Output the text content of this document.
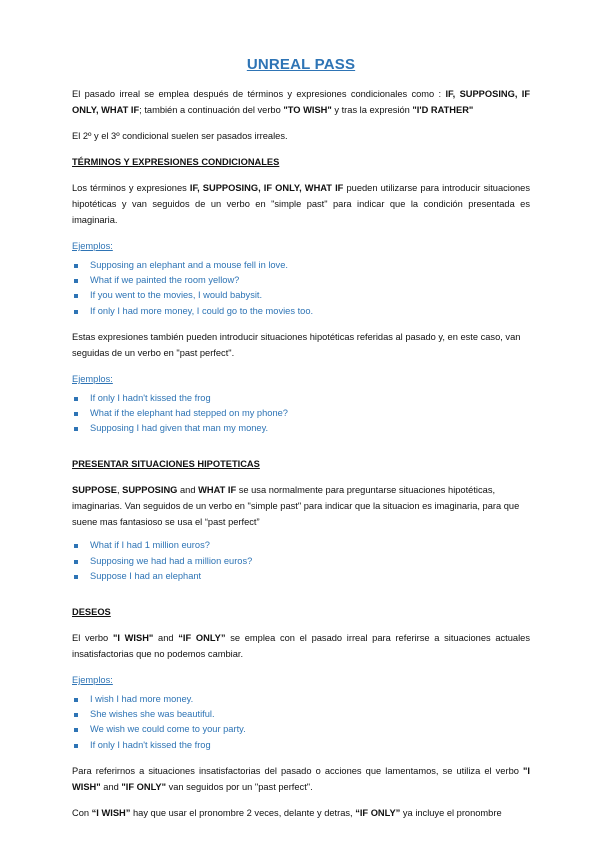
UNREAL PASS

El pasado irreal se emplea después de términos y expresiones condicionales como : IF, SUPPOSING, IF ONLY, WHAT IF; también a continuación del verbo "TO WISH" y tras la expresión "I'D RATHER"

El 2º y el 3º condicional suelen ser pasados irreales.

TÉRMINOS Y EXPRESIONES CONDICIONALES

Los términos y expresiones IF, SUPPOSING, IF ONLY, WHAT IF pueden utilizarse para introducir situaciones hipotéticas y van seguidos de un verbo en "simple past" para indicar que la condición presentada es imaginaria.

Ejemplos:
Supposing an elephant and a mouse fell in love.
What if we painted the room yellow?
If you went to the movies, I would babysit.
If only I had more money, I could go to the movies too.

Estas expresiones también pueden introducir situaciones hipotéticas referidas al pasado y, en este caso, van seguidas de un verbo en "past perfect".

Ejemplos:
If only I hadn't kissed the frog
What if the elephant had stepped on my phone?
Supposing I had given that man my money.
PRESENTAR SITUACIONES HIPOTETICAS

SUPPOSE, SUPPOSING and WHAT IF se usa normalmente para preguntarse situaciones hipotéticas, imaginarias. Van seguidos de un verbo en "simple past" para indicar que la situacion es imaginaria, para que suene mas fantasioso se usa el “past perfect”

What if I had 1 million euros?
Supposing we had had a million euros?
Suppose I had an elephant
DESEOS

El verbo "I WISH" and “IF ONLY” se emplea con el pasado irreal para referirse a situaciones actuales insatisfactorias que no podemos cambiar.

Ejemplos:
I wish I had more money.
She wishes she was beautiful.
We wish we could come to your party.
If only I hadn't kissed the frog

Para referirnos a situaciones insatisfactorias del pasado o acciones que lamentamos, se utiliza el verbo "I WISH" and "IF ONLY" van seguidos por un "past perfect".

Con “I WISH” hay que usar el pronombre 2 veces, delante y detras, “IF ONLY” ya incluye el pronombre
